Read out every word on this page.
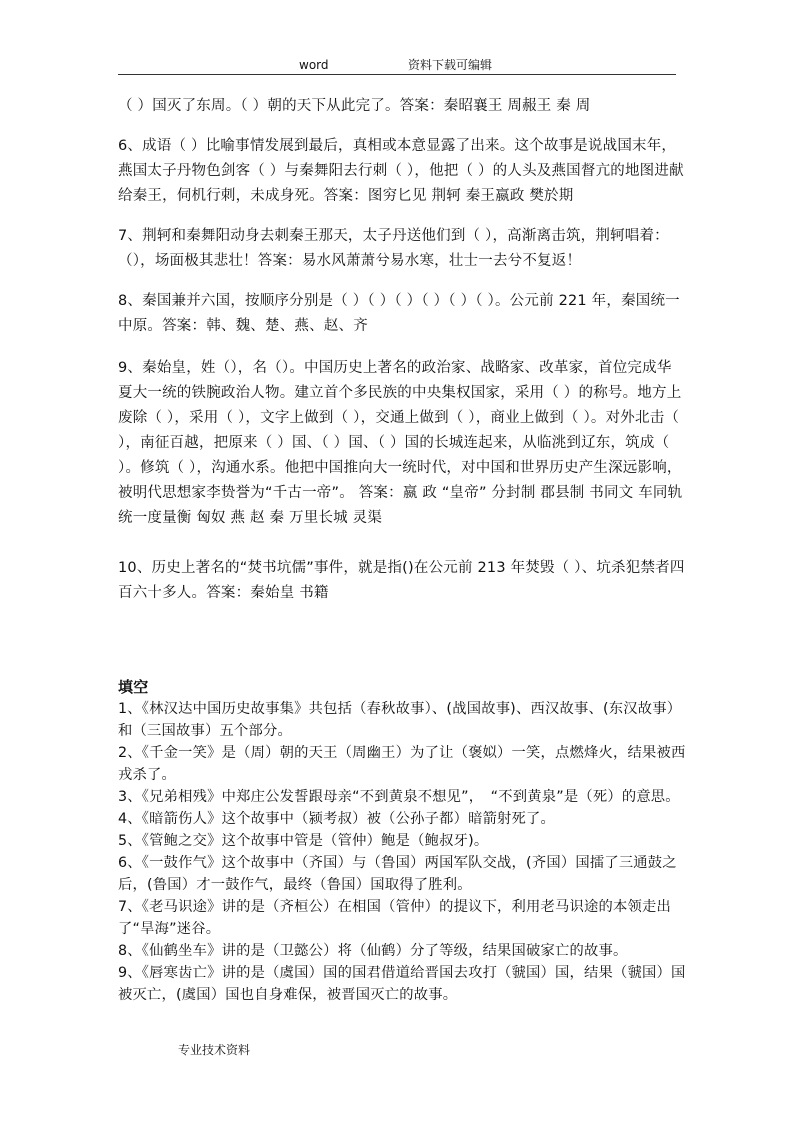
word	资料下载可编辑

（ ）国灭了东周。（ ）朝的天下从此完了。答案：秦昭襄王 周赧王 秦 周

6、成语（ ）比喻事情发展到最后，真相或本意显露了出来。这个故事是说战国末年，燕国太子丹物色剑客（ ）与秦舞阳去行刺（ ），他把（ ）的人头及燕国督亢的地图进献给秦王，伺机行刺，未成身死。答案：图穷匕见 荆轲 秦王嬴政 樊於期

7、荆轲和秦舞阳动身去刺秦王那天，太子丹送他们到（ ），高渐离击筑，荆轲唱着：（），场面极其悲壮！答案：易水风萧萧兮易水寒，壮士一去兮不复返！

8、秦国兼并六国，按顺序分别是（ ）（ ）（ ）（ ）（ ）（ ）。公元前 221 年，秦国统一中原。答案：韩、魏、楚、燕、赵、齐

9、秦始皇，姓（），名（）。中国历史上著名的政治家、战略家、改革家，首位完成华夏大一统的铁腕政治人物。建立首个多民族的中央集权国家，采用（ ）的称号。地方上废除（ ），采用（ ），文字上做到（ ），交通上做到（ ），商业上做到（ ）。对外北击（ ），南征百越，把原来（ ）国、（ ）国、（ ）国的长城连起来，从临洮到辽东，筑成（ ）。修筑（ ），沟通水系。他把中国推向大一统时代，对中国和世界历史产生深远影响，被明代思想家李贽誉为“千古一帝”。 答案：嬴 政 “皇帝” 分封制 郡县制 书同文 车同轨 统一度量衡 匈奴 燕 赵 秦 万里长城 灵渠

10、历史上著名的“焚书坑儒”事件，就是指()在公元前 213 年焚毁（ ）、坑杀犯禁者四百六十多人。答案：秦始皇 书籍

填空

1、《林汉达中国历史故事集》共包括（春秋故事）、(战国故事)、西汉故事、(东汉故事）和（三国故事）五个部分。
2、《千金一笑》是（周）朝的天王（周幽王）为了让（褒姒）一笑，点燃烽火，结果被西戎杀了。
3、《兄弟相残》中郑庄公发誓跟母亲“不到黄泉不想见”，　“不到黄泉”是（死）的意思。
4、《暗箭伤人》这个故事中（颍考叔）被（公孙子都）暗箭射死了。
5、《管鲍之交》这个故事中管是（管仲）鲍是（鲍叔牙)。
6、《一鼓作气》这个故事中（齐国）与（鲁国）两国军队交战，(齐国）国擂了三通鼓之后，(鲁国）才一鼓作气，最终（鲁国）国取得了胜利。
7、《老马识途》讲的是（齐桓公）在相国（管仲）的提议下，利用老马识途的本领走出了“旱海”迷谷。
8、《仙鹤坐车》讲的是（卫懿公）将（仙鹤）分了等级，结果国破家亡的故事。
9、《唇寒齿亡》讲的是（虞国）国的国君借道给晋国去攻打（虢国）国，结果（虢国）国被灭亡，(虞国）国也自身难保，被晋国灭亡的故事。
专业技术资料
